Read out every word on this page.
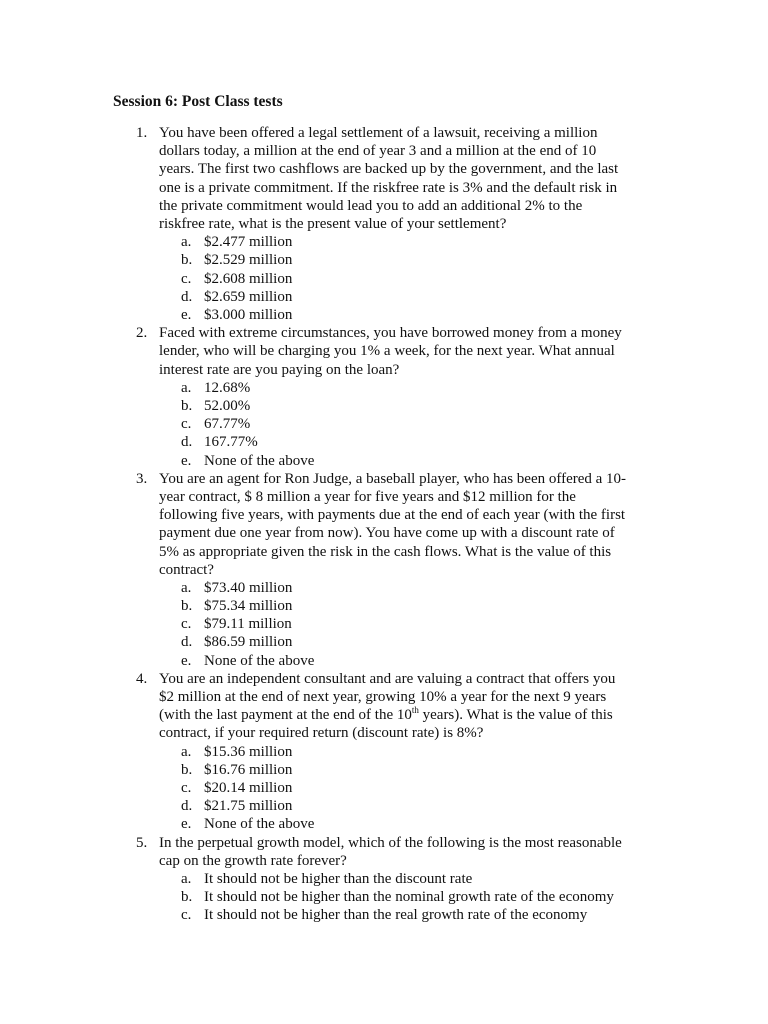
Session 6: Post Class tests
1. You have been offered a legal settlement of a lawsuit, receiving a million
dollars today, a million at the end of year 3 and a million at the end of 10
years. The first two cashflows are backed up by the government, and the last
one is a private commitment. If the riskfree rate is 3% and the default risk in
the private commitment would lead you to add an additional 2% to the
riskfree rate, what is the present value of your settlement?
a. $2.477 million
b. $2.529 million
c. $2.608 million
d. $2.659 million
e. $3.000 million
2. Faced with extreme circumstances, you have borrowed money from a money
lender, who will be charging you 1% a week, for the next year. What annual
interest rate are you paying on the loan?
a. 12.68%
b. 52.00%
c. 67.77%
d. 167.77%
e. None of the above
3. You are an agent for Ron Judge, a baseball player, who has been offered a 10-
year contract, $ 8 million a year for five years and $12 million for the
following five years, with payments due at the end of each year (with the first
payment due one year from now). You have come up with a discount rate of
5% as appropriate given the risk in the cash flows. What is the value of this
contract?
a. $73.40 million
b. $75.34 million
c. $79.11 million
d. $86.59 million
e. None of the above
4. You are an independent consultant and are valuing a contract that offers you
$2 million at the end of next year, growing 10% a year for the next 9 years
(with the last payment at the end of the 10th years). What is the value of this
contract, if your required return (discount rate) is 8%?
a. $15.36 million
b. $16.76 million
c. $20.14 million
d. $21.75 million
e. None of the above
5. In the perpetual growth model, which of the following is the most reasonable
cap on the growth rate forever?
a. It should not be higher than the discount rate
b. It should not be higher than the nominal growth rate of the economy
c. It should not be higher than the real growth rate of the economy
